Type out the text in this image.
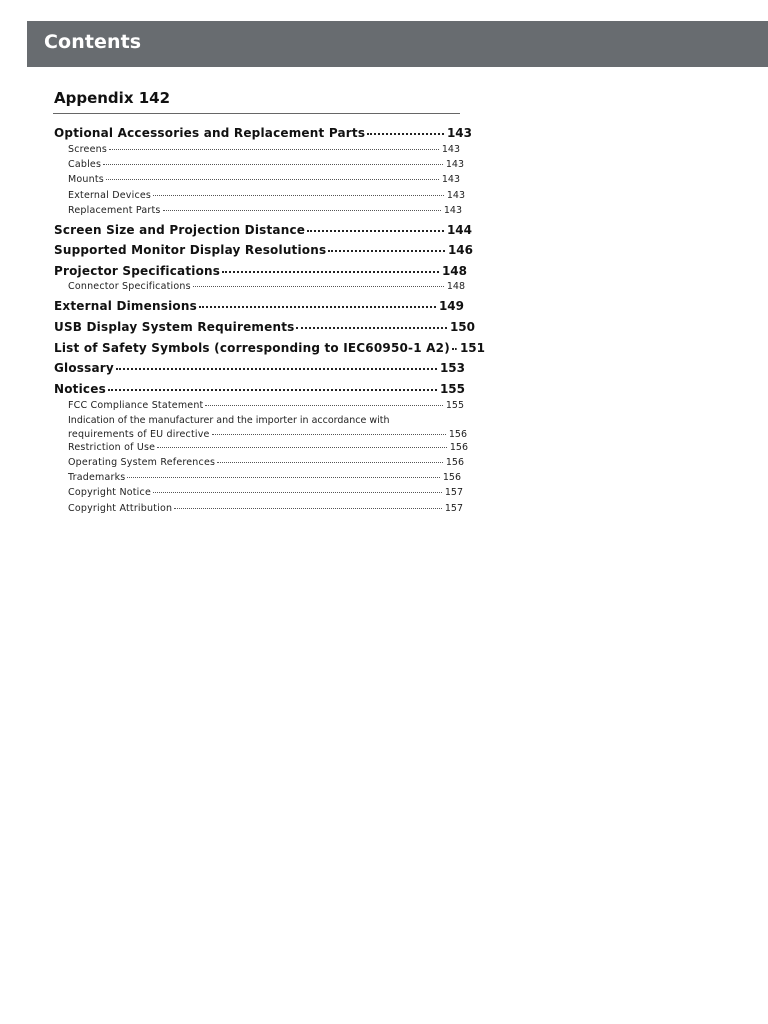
Contents
Appendix 142
Optional Accessories and Replacement Parts	143
Screens	143
Cables	143
Mounts	143
External Devices	143
Replacement Parts	143
Screen Size and Projection Distance	144
Supported Monitor Display Resolutions	146
Projector Specifications	148
Connector Specifications	148
External Dimensions	149
USB Display System Requirements	150
List of Safety Symbols (corresponding to IEC60950-1 A2) 151
Glossary	153
Notices	155
FCC Compliance Statement	155
Indication of the manufacturer and the importer in accordance with
requirements of EU directive	156
Restriction of Use	156
Operating System References	156
Trademarks	156
Copyright Notice	157
Copyright Attribution	157
